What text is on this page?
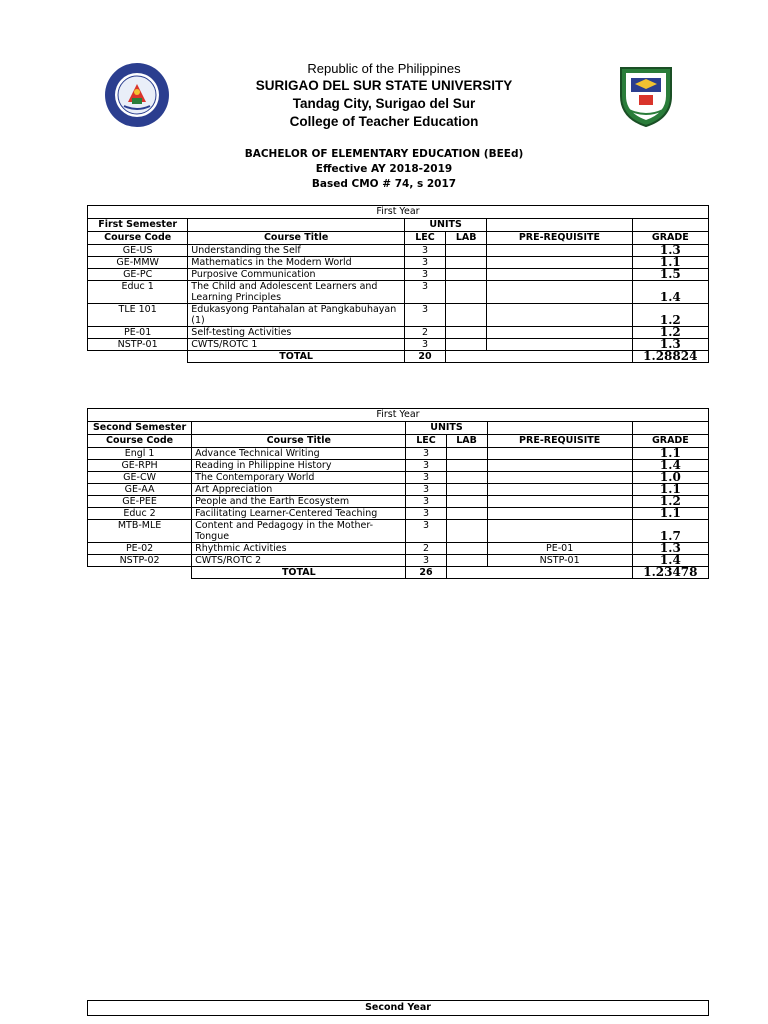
Republic of the Philippines
SURIGAO DEL SUR STATE UNIVERSITY
Tandag City, Surigao del Sur
College of Teacher Education
BACHELOR OF ELEMENTARY EDUCATION (BEEd)
Effective AY 2018-2019
Based CMO # 74, s 2017
First Year					
First Semester		UNITS			
Course Code	Course Title	LEC	LAB	PRE-REQUISITE	GRADE
GE-US	Understanding the Self	3			1.3
GE-MMW	Mathematics in the Modern World	3			1.1
GE-PC	Purposive Communication	3			1.5
Educ 1	The Child and Adolescent Learners and Learning Principles	3			1.4
TLE 101	Edukasyong Pantahalan at Pangkabuhayan (1)	3			1.2
PE-01	Self-testing Activities	2			1.2
NSTP-01	CWTS/ROTC 1	3			1.3
	TOTAL	20			1.28824
First Year					
Second Semester		UNITS			
Course Code	Course Title	LEC	LAB	PRE-REQUISITE	GRADE
Engl 1	Advance Technical Writing	3			1.1
GE-RPH	Reading in Philippine History	3			1.4
GE-CW	The Contemporary World	3			1.0
GE-AA	Art Appreciation	3			1.1
GE-PEE	People and the Earth Ecosystem	3			1.2
Educ 2	Facilitating Learner-Centered Teaching	3			1.1
MTB-MLE	Content and Pedagogy in the Mother-Tongue	3			1.7
PE-02	Rhythmic Activities	2		PE-01	1.3
NSTP-02	CWTS/ROTC 2	3		NSTP-01	1.4
	TOTAL	26			1.23478
Second Year
